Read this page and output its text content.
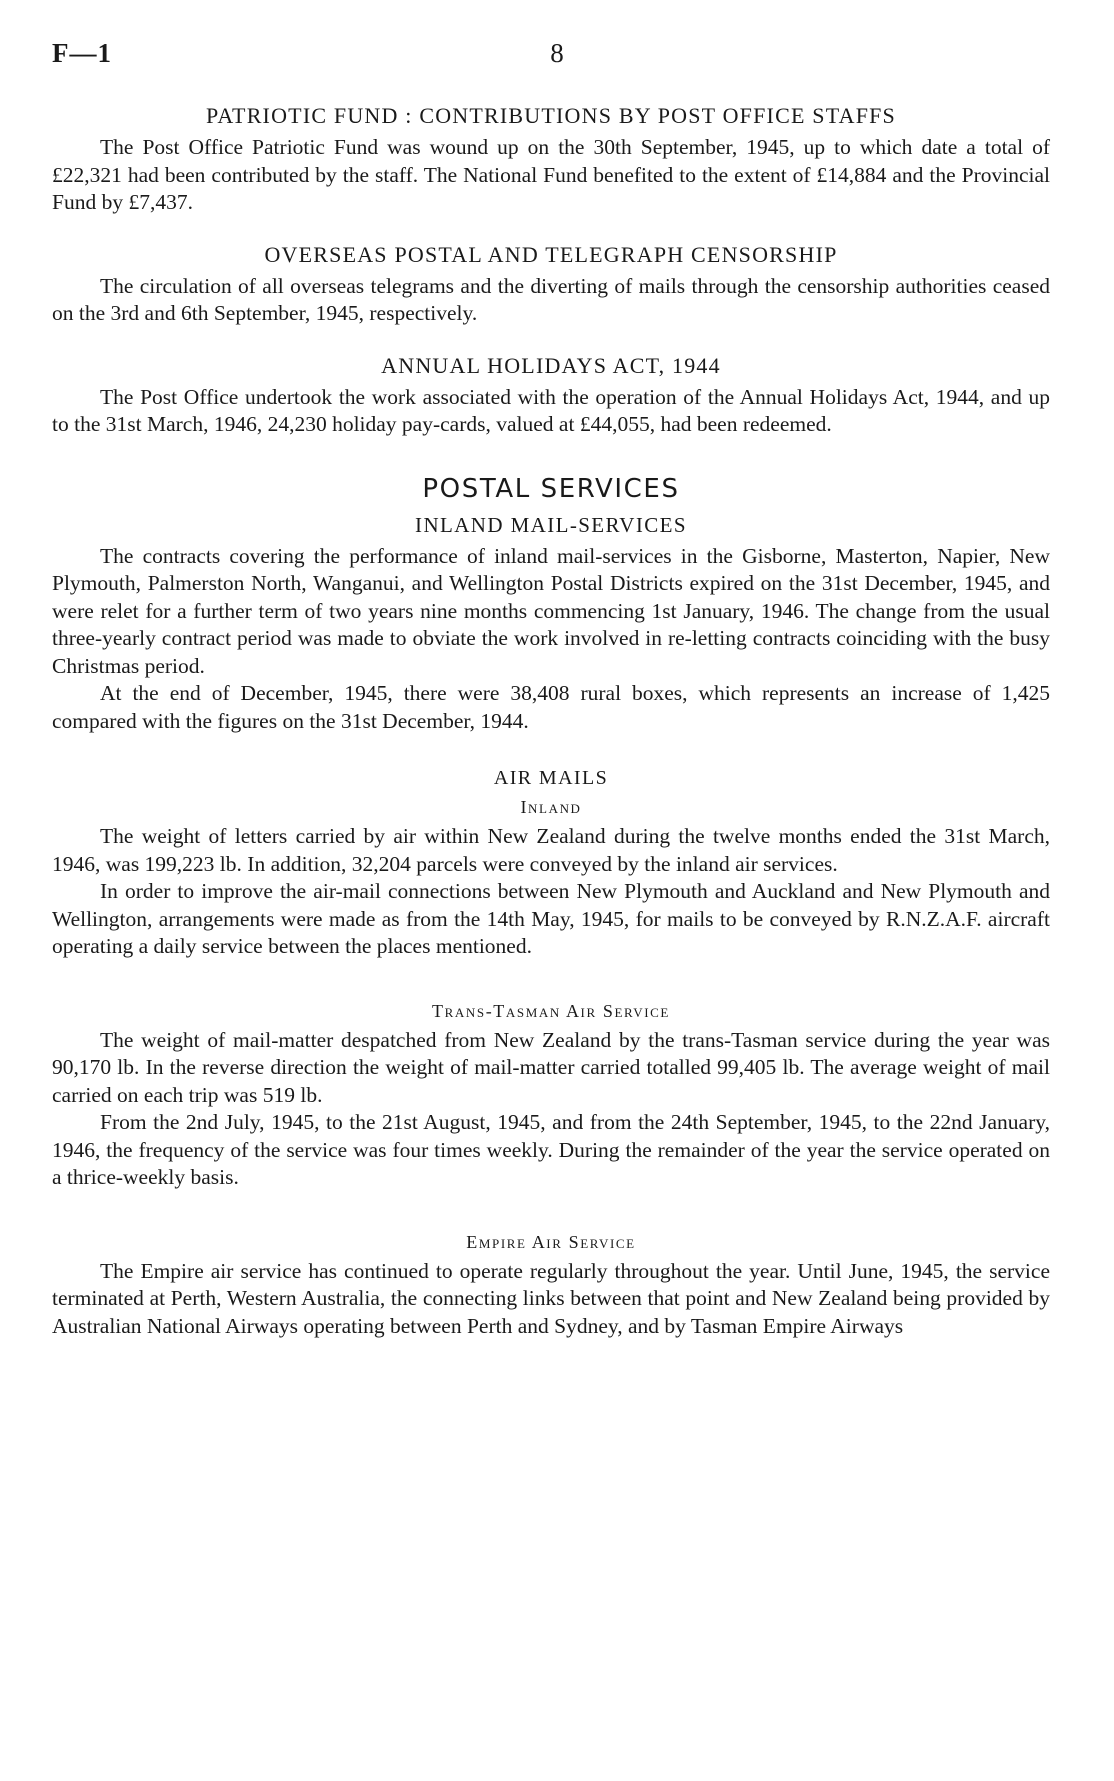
F—1	8
PATRIOTIC FUND : CONTRIBUTIONS BY POST OFFICE STAFFS

The Post Office Patriotic Fund was wound up on the 30th September, 1945, up to which date a total of £22,321 had been contributed by the staff. The National Fund benefited to the extent of £14,884 and the Provincial Fund by £7,437.

OVERSEAS POSTAL AND TELEGRAPH CENSORSHIP

The circulation of all overseas telegrams and the diverting of mails through the censorship authorities ceased on the 3rd and 6th September, 1945, respectively.

ANNUAL HOLIDAYS ACT, 1944

The Post Office undertook the work associated with the operation of the Annual Holidays Act, 1944, and up to the 31st March, 1946, 24,230 holiday pay-cards, valued at £44,055, had been redeemed.

POSTAL SERVICES
INLAND MAIL-SERVICES

The contracts covering the performance of inland mail-services in the Gisborne, Masterton, Napier, New Plymouth, Palmerston North, Wanganui, and Wellington Postal Districts expired on the 31st December, 1945, and were relet for a further term of two years nine months commencing 1st January, 1946. The change from the usual three-yearly contract period was made to obviate the work involved in re-letting contracts coinciding with the busy Christmas period.

At the end of December, 1945, there were 38,408 rural boxes, which represents an increase of 1,425 compared with the figures on the 31st December, 1944.

AIR MAILS
Inland

The weight of letters carried by air within New Zealand during the twelve months ended the 31st March, 1946, was 199,223 lb. In addition, 32,204 parcels were conveyed by the inland air services.

In order to improve the air-mail connections between New Plymouth and Auckland and New Plymouth and Wellington, arrangements were made as from the 14th May, 1945, for mails to be conveyed by R.N.Z.A.F. aircraft operating a daily service between the places mentioned.

Trans-Tasman Air Service

The weight of mail-matter despatched from New Zealand by the trans-Tasman service during the year was 90,170 lb. In the reverse direction the weight of mail-matter carried totalled 99,405 lb. The average weight of mail carried on each trip was 519 lb.

From the 2nd July, 1945, to the 21st August, 1945, and from the 24th September, 1945, to the 22nd January, 1946, the frequency of the service was four times weekly. During the remainder of the year the service operated on a thrice-weekly basis.

Empire Air Service

The Empire air service has continued to operate regularly throughout the year. Until June, 1945, the service terminated at Perth, Western Australia, the connecting links between that point and New Zealand being provided by Australian National Airways operating between Perth and Sydney, and by Tasman Empire Airways
